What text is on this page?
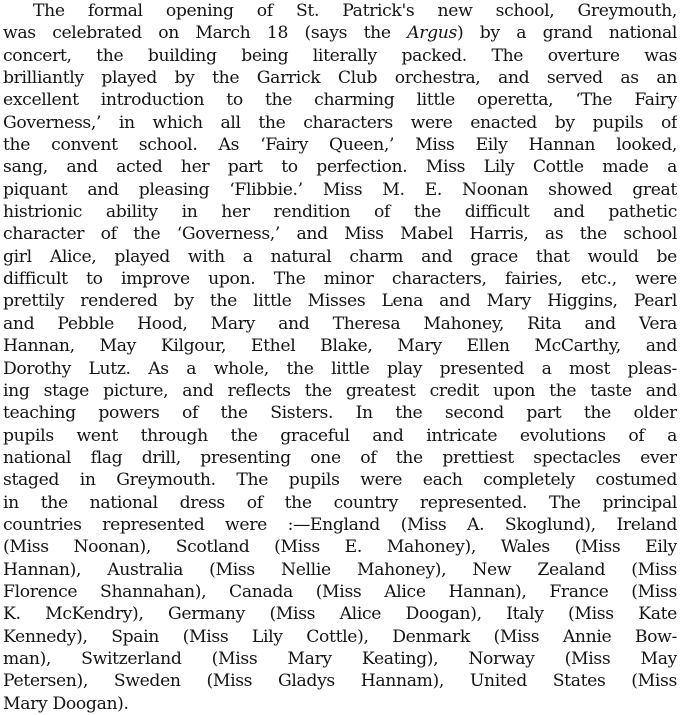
The formal opening of St. Patrick's new school, Greymouth,
was celebrated on March 18 (says the Argus) by a grand national
concert, the building being literally packed. The overture was
brilliantly played by the Garrick Club orchestra, and served as an
excellent introduction to the charming little operetta, ‘The Fairy
Governess,’ in which all the characters were enacted by pupils of
the convent school. As ‘Fairy Queen,’ Miss Eily Hannan looked,
sang, and acted her part to perfection. Miss Lily Cottle made a
piquant and pleasing ‘Flibbie.’ Miss M. E. Noonan showed great
histrionic ability in her rendition of the difficult and pathetic
character of the ‘Governess,’ and Miss Mabel Harris, as the school
girl Alice, played with a natural charm and grace that would be
difficult to improve upon. The minor characters, fairies, etc., were
prettily rendered by the little Misses Lena and Mary Higgins, Pearl
and Pebble Hood, Mary and Theresa Mahoney, Rita and Vera
Hannan, May Kilgour, Ethel Blake, Mary Ellen McCarthy, and
Dorothy Lutz. As a whole, the little play presented a most pleas-
ing stage picture, and reflects the greatest credit upon the taste and
teaching powers of the Sisters. In the second part the older
pupils went through the graceful and intricate evolutions of a
national flag drill, presenting one of the prettiest spectacles ever
staged in Greymouth. The pupils were each completely costumed
in the national dress of the country represented. The principal
countries represented were :—England (Miss A. Skoglund), Ireland
(Miss Noonan), Scotland (Miss E. Mahoney), Wales (Miss Eily
Hannan), Australia (Miss Nellie Mahoney), New Zealand (Miss
Florence Shannahan), Canada (Miss Alice Hannan), France (Miss
K. McKendry), Germany (Miss Alice Doogan), Italy (Miss Kate
Kennedy), Spain (Miss Lily Cottle), Denmark (Miss Annie Bow-
man), Switzerland (Miss Mary Keating), Norway (Miss May
Petersen), Sweden (Miss Gladys Hannam), United States (Miss
Mary Doogan).
